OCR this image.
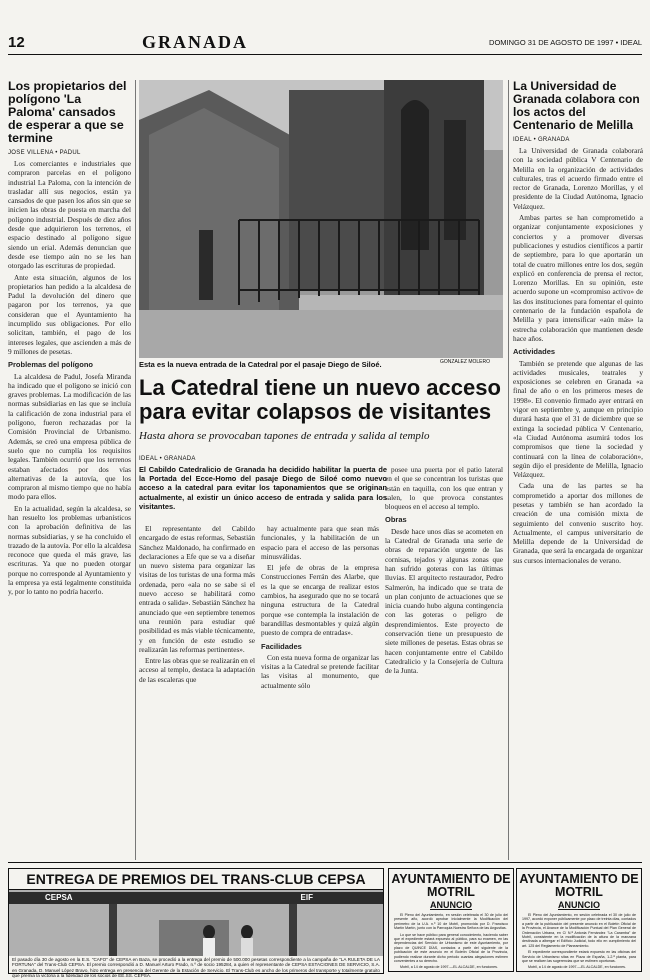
12	GRANADA	DOMINGO 31 DE AGOSTO DE 1997 • IDEAL
Los propietarios del polígono 'La Paloma' cansados de esperar a que se termine
JOSE VILLENA • PADUL

Los comerciantes e industriales que compraron parcelas en el polígono industrial La Paloma, con la intención de trasladar allí sus negocios, están ya cansados de que pasen los años sin que se inicien las obras de puesta en marcha del polígono industrial. Después de diez años desde que adquirieron los terrenos, el espacio destinado al polígono sigue siendo un erial. Además denuncian que desde ese tiempo aún no se les han otorgado las escrituras de propiedad.

Ante esta situación, algunos de los propietarios han pedido a la alcaldesa de Padul la devolución del dinero que pagaron por los terrenos, ya que consideran que el Ayuntamiento ha incumplido sus obligaciones. Por ello solicitan, también, el pago de los intereses legales, que ascienden a más de 9 millones de pesetas.

Problemas del polígono

La alcaldesa de Padul, Josefa Miranda ha indicado que el polígono se inició con graves problemas. La modificación de las normas subsidiarias en las que se incluía la calificación de zona industrial para el polígono, fueron rechazadas por la Comisión Provincial de Urbanismo. Además, se creó una empresa pública de suelo que no cumplía los requisitos legales. También ocurrió que los terrenos estaban afectados por dos vías alternativas de la autovía, que los compraron al mismo tiempo que no había modo para ellos.

En la actualidad, según la alcaldesa, se han resuelto los problemas urbanísticos con la aprobación definitiva de las normas subsidiarias, y se ha concluido el trazado de la autovía. Por ello la alcaldesa reconoce que queda el más grave, las escrituras. Ya que no pueden otorgar porque no corresponde al Ayuntamiento y la empresa ya está legalmente constituida y, por lo tanto no podría hacerlo.

GONZALEZ MOLERO
Esta es la nueva entrada de la Catedral por el pasaje Diego de Siloé.
La Catedral tiene un nuevo acceso para evitar colapsos de visitantes
Hasta ahora se provocaban tapones de entrada y salida al templo
IDEAL • GRANADA
El Cabildo Catedralicio de Granada ha decidido habilitar la puerta de la Portada del Ecce-Homo del pasaje Diego de Siloé como nuevo acceso a la catedral para evitar los taponamientos que se originan actualmente, al existir un único acceso de entrada y salida para los visitantes.

El representante del Cabildo encargado de estas reformas, Sebastián Sánchez Maldonado, ha confirmado en declaraciones a Efe que se va a diseñar un nuevo sistema para organizar las visitas de los turistas de una forma más ordenada, pero «ala no se sabe si el nuevo acceso se habilitará como entrada o salida». Sebastián Sánchez ha anunciado que «en septiembre tenemos una reunión para estudiar qué posibilidad es más viable técnicamente, y en función de este estudio se realizarán las reformas pertinentes».

Entre las obras que se realizarán en el acceso al templo, destaca la adaptación de las escaleras que

hay actualmente para que sean más funcionales, y la habilitación de un espacio para el acceso de las personas minusválidas.

El jefe de obras de la empresa Construcciones Ferrán des Alarbe, que es la que se encarga de realizar estos cambios, ha asegurado que no se tocará ninguna estructura de la Catedral porque «se contempla la instalación de barandillas desmontables y quizá algún puesto de compra de entradas».

Facilidades

Con esta nueva forma de organizar las visitas a la Catedral se pretende facilitar las visitas al monumento, que actualmente sólo

posee una puerta por el patio lateral en el que se concentran los turistas que están en taquilla, con los que entran y salen, lo que provoca constantes bloqueos en el acceso al templo.

Obras

Desde hace unos días se acometen en la Catedral de Granada una serie de obras de reparación urgente de las cornisas, tejados y algunas zonas que han sufrido goteras con las últimas lluvias. El arquitecto restaurador, Pedro Salmerón, ha indicado que se trata de un plan conjunto de actuaciones que se inicia cuando hubo alguna contingencia con las goteras o peligro de desprendimientos. Este proyecto de conservación tiene un presupuesto de siete millones de pesetas. Estas obras se hacen conjuntamente entre el Cabildo Catedralicio y la Consejería de Cultura de la Junta.

La Universidad de Granada colabora con los actos del Centenario de Melilla
IDEAL • GRANADA

La Universidad de Granada colaborará con la sociedad pública V Centenario de Melilla en la organización de actividades culturales, tras el acuerdo firmado entre el rector de Granada, Lorenzo Morillas, y el presidente de la Ciudad Autónoma, Ignacio Velázquez.

Ambas partes se han comprometido a organizar conjuntamente exposiciones y conciertos y a promover diversas publicaciones y estudios científicos a partir de septiembre, para lo que aportarán un total de cuatro millones entre los dos, según explicó en conferencia de prensa el rector, Lorenzo Morillas. En su opinión, este acuerdo supone un «compromiso activo» de las dos instituciones para fomentar el quinto centenario de la fundación española de Melilla y para intensificar «aún más» la estrecha colaboración que mantienen desde hace años.

Actividades

También se pretende que algunas de las actividades musicales, teatrales y exposiciones se celebren en Granada «a final de año o en los primeros meses de 1998». El convenio firmado ayer entrará en vigor en septiembre y, aunque en principio durará hasta que el 31 de diciembre que se extinga la sociedad pública V Centenario, «la Ciudad Autónoma asumirá todos los compromisos que tiene la sociedad y continuará con la línea de colaboración», según dijo el presidente de Melilla, Ignacio Velázquez.

Cada una de las partes se ha comprometido a aportar dos millones de pesetas y también se han acordado la creación de una comisión mixta de seguimiento del convenio suscrito hoy. Actualmente, el campus universitario de Melilla depende de la Universidad de Granada, que será la encargada de organizar sus cursos internacionales de verano.

ENTREGA DE PREMIOS DEL TRANS-CLUB CEPSA
CEPSA	ElF
El pasado día 30 de agosto en la E.S. "CAFO" de CEPSA en Baza, se procedió a la entrega del premio de 500.000 pesetas correspondiente a la campaña de "LA RULETA DE LA FORTUNA" del Trans-Club CEPSA. El premio correspondió a D. Manuel Arturo Prado, n.º de socio 195284, a quien el representante de CEPSA ESTACIONES DE SERVICIO, S.A. en Granada, D. Manuel López Bravo, hizo entrega en presencia del Gerente de la Estación de Servicio. El Trans-Club es ancho de los primeros del transporte y totalmente gratuito que premia la victoria a la fidelidad de los socios de EE.SS. CEPSA.
AYUNTAMIENTO DE MOTRIL
ANUNCIO

El Pleno del Ayuntamiento, en sesión celebrada el 30 de julio del presente año, acordó aprobar inicialmente la Modificación del perímetro de la U.A. n.º 10 de Motril, promovida por D. Francisco Martín Martín, junto con la Parroquia Nuestra Señora de las Angustias.

Lo que se hace público para general conocimiento, haciendo saber que el expediente estará expuesto al público, para su examen, en las dependencias del Servicio de Urbanismo de este Ayuntamiento, por plazo de QUINCE DÍAS, contados a partir del siguiente de la publicación de este anuncio en el Boletín Oficial de la Provincia, pudiendo realizar durante dicho periodo cuantas alegaciones estimen convenientes a su derecho.

Motril, a 14 de agosto de 1997.—EL ALCALDE, en funciones.

AYUNTAMIENTO DE MOTRIL
ANUNCIO

El Pleno del Ayuntamiento, en sesión celebrada el 30 de julio de 1997, acordó exponer públicamente por plazo de treinta días, contados a partir de la publicación del presente anuncio en el Boletín Oficial de la Provincia, el Avance de la Modificación Puntual del Plan General de Ordenación Urbana, en C/ N.ª Antonia Fernández "La Caramba" de Motril, consistente en la modificación de la altura de la manzana destinada a albergar el Edificio Judicial, todo ello en cumplimiento del art. 125 del Reglamento de Planeamiento.

El expediente correspondiente estará expuesto en las oficinas del Servicio de Urbanismo sitas en Plaza de España, 1-2.ª planta, para que se realicen las sugerencias que se estimen oportunas.

Motril, a 14 de agosto de 1997.—EL ALCALDE, en funciones.
